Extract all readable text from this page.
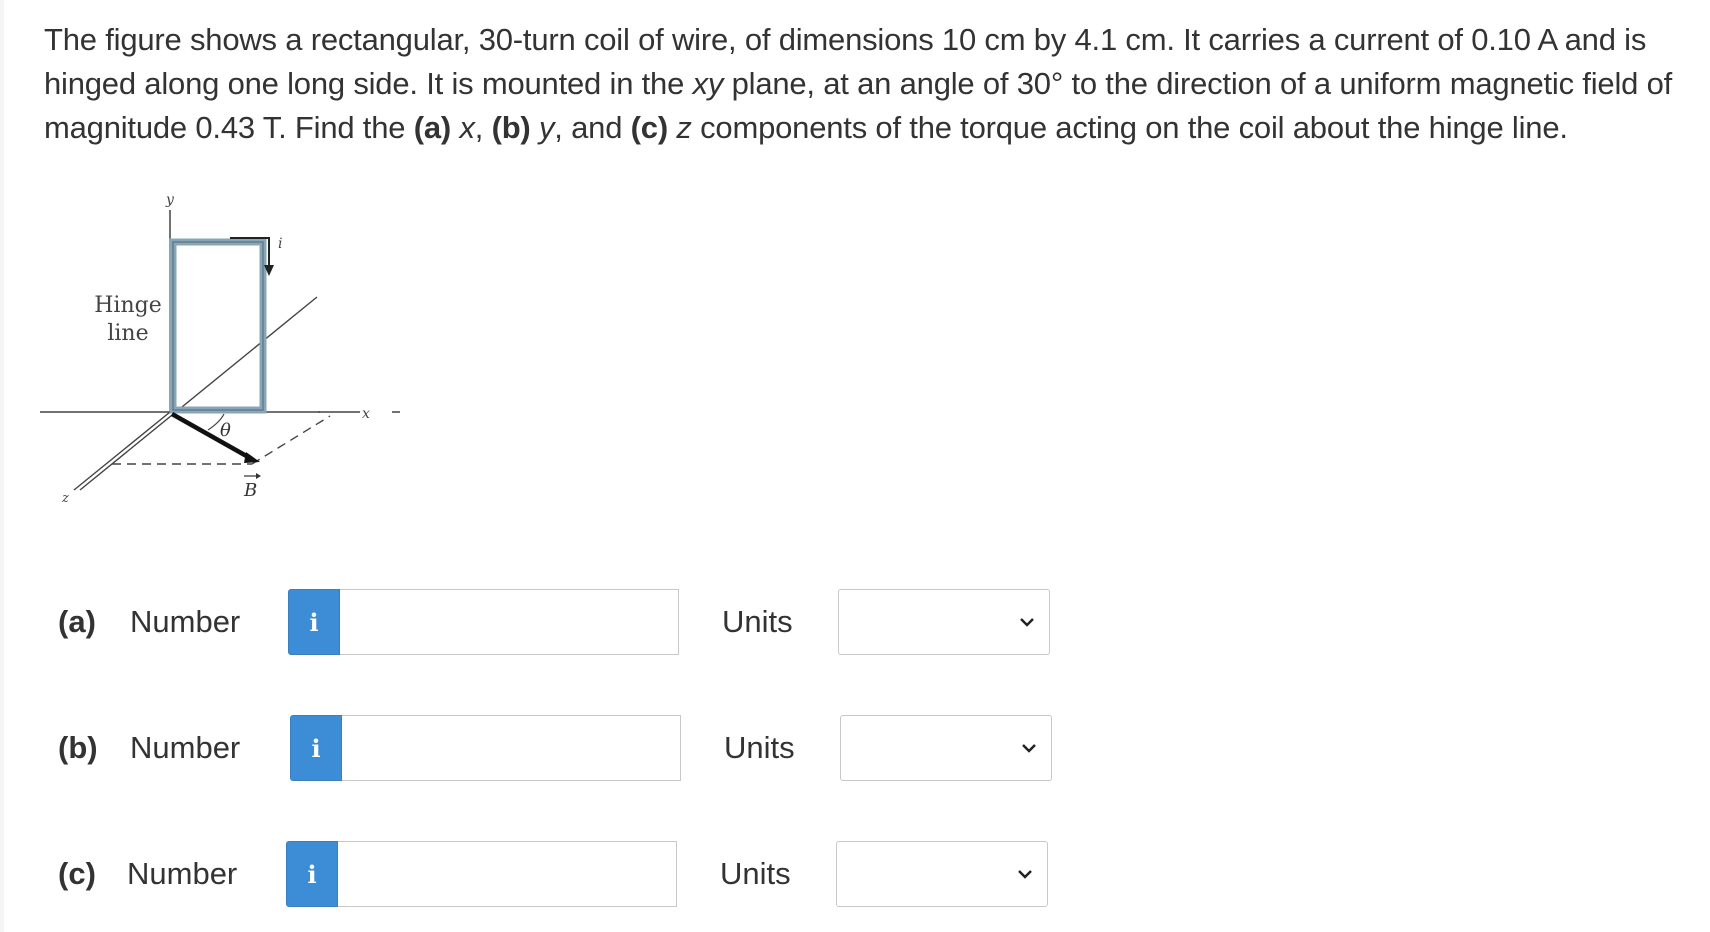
The figure shows a rectangular, 30-turn coil of wire, of dimensions 10 cm by 4.1 cm. It carries a current of 0.10 A and is hinged along one long side. It is mounted in the xy plane, at an angle of 30° to the direction of a uniform magnetic field of magnitude 0.43 T. Find the (a) x, (b) y, and (c) z components of the torque acting on the coil about the hinge line.
y
x
z
i
Hinge
line
θ
B
(a) Number	i	Units
(b) Number	i	Units
(c) Number	i	Units
